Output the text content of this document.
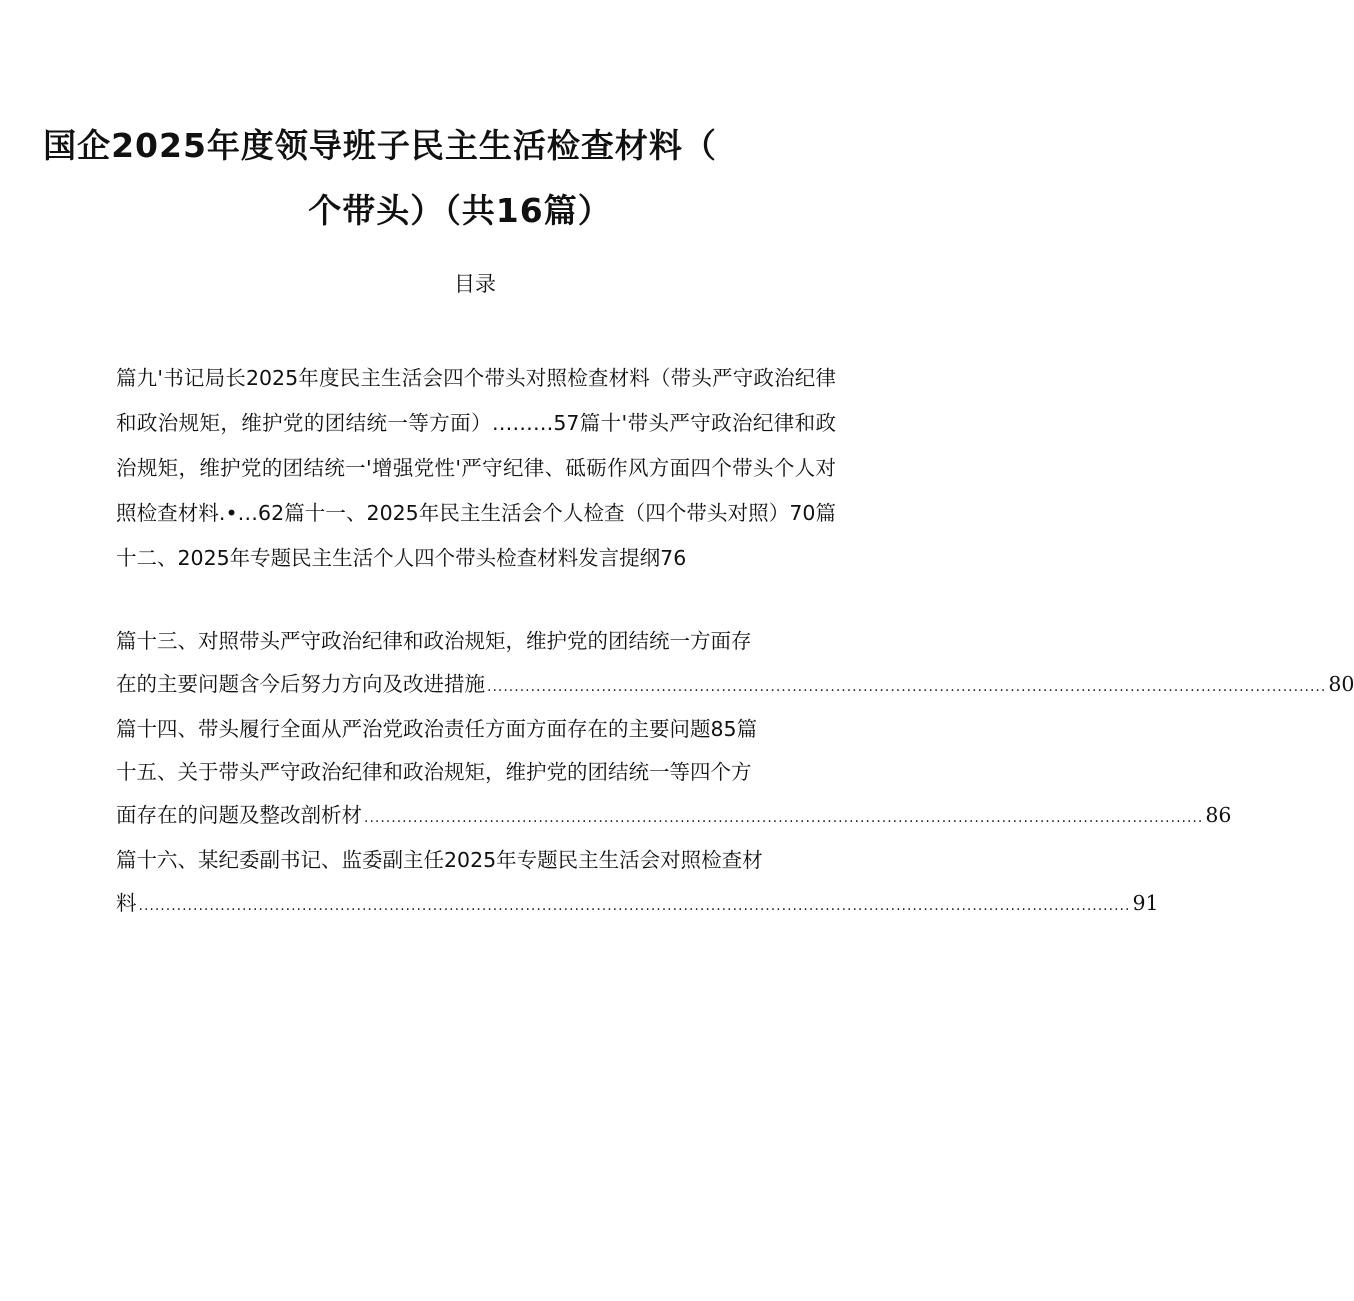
国企2025年度领导班子民主生活检查材料（
个带头）（共16篇）
目录

篇九'书记局长2025年度民主生活会四个带头对照检查材料（带头严守政治纪律和政治规矩，维护党的团结统一等方面）………57篇十'带头严守政治纪律和政治规矩，维护党的团结统一'增强党性'严守纪律、砥砺作风方面四个带头个人对照检查材料.•…62篇十一、2025年民主生活会个人检查（四个带头对照）70篇十二、2025年专题民主生活个人四个带头检查材料发言提纲76

篇十三、对照带头严守政治纪律和政治规矩，维护党的团结统一方面存
在的主要问题含今后努力方向及改进措施 .......................................................................................................................................................... 80
篇十四、带头履行全面从严治党政治责任方面方面存在的主要问题85篇
十五、关于带头严守政治纪律和政治规矩，维护党的团结统一等四个方
面存在的问题及整改剖析材 .......................................................................................................................................................... 86
篇十六、某纪委副书记、监委副主任2025年专题民主生活会对照检查材
料 ...................................................................................................................................................................................... 91
